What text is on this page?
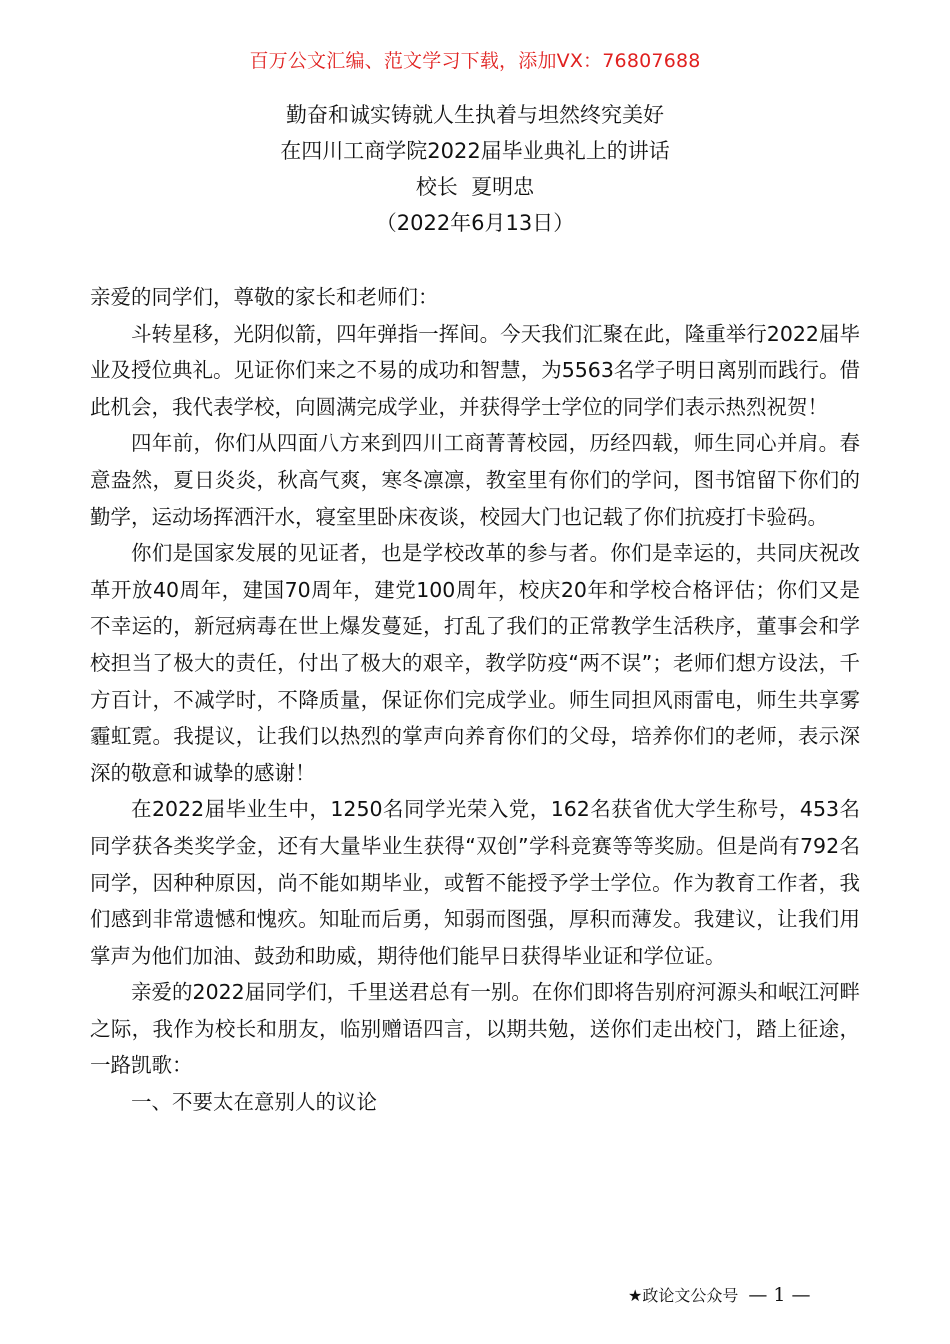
百万公文汇编、范文学习下载，添加VX：76807688
勤奋和诚实铸就人生执着与坦然终究美好
在四川工商学院2022届毕业典礼上的讲话
校长  夏明忠
（2022年6月13日）

亲爱的同学们，尊敬的家长和老师们：

斗转星移，光阴似箭，四年弹指一挥间。今天我们汇聚在此，隆重举行2022届毕业及授位典礼。见证你们来之不易的成功和智慧，为5563名学子明日离别而践行。借此机会，我代表学校，向圆满完成学业，并获得学士学位的同学们表示热烈祝贺！

四年前，你们从四面八方来到四川工商菁菁校园，历经四载，师生同心并肩。春意盎然，夏日炎炎，秋高气爽，寒冬凛凛，教室里有你们的学问，图书馆留下你们的勤学，运动场挥洒汗水，寝室里卧床夜谈，校园大门也记载了你们抗疫打卡验码。

你们是国家发展的见证者，也是学校改革的参与者。你们是幸运的，共同庆祝改革开放40周年，建国70周年，建党100周年，校庆20年和学校合格评估；你们又是不幸运的，新冠病毒在世上爆发蔓延，打乱了我们的正常教学生活秩序，董事会和学校担当了极大的责任，付出了极大的艰辛，教学防疫“两不误”；老师们想方设法，千方百计，不减学时，不降质量，保证你们完成学业。师生同担风雨雷电，师生共享雾霾虹霓。我提议，让我们以热烈的掌声向养育你们的父母，培养你们的老师，表示深深的敬意和诚挚的感谢！

在2022届毕业生中，1250名同学光荣入党，162名获省优大学生称号，453名同学获各类奖学金，还有大量毕业生获得“双创”学科竞赛等等奖励。但是尚有792名同学，因种种原因，尚不能如期毕业，或暂不能授予学士学位。作为教育工作者，我们感到非常遗憾和愧疚。知耻而后勇，知弱而图强，厚积而薄发。我建议，让我们用掌声为他们加油、鼓劲和助威，期待他们能早日获得毕业证和学位证。

亲爱的2022届同学们，千里送君总有一别。在你们即将告别府河源头和岷江河畔之际，我作为校长和朋友，临别赠语四言，以期共勉，送你们走出校门，踏上征途，一路凯歌：

一、不要太在意别人的议论

★政论文公众号 — 1 —
